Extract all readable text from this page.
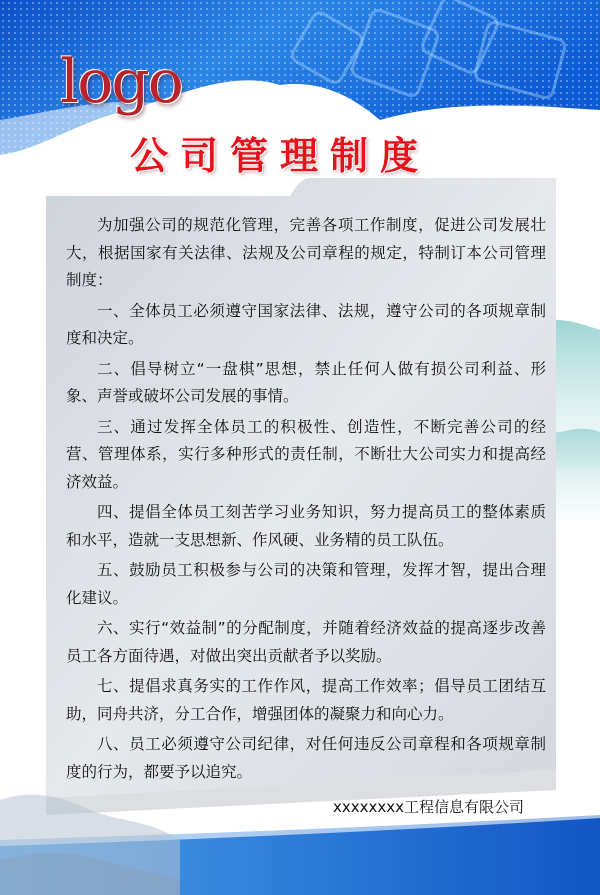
logo
公司管理制度

为加强公司的规范化管理，完善各项工作制度，促进公司发展壮大，根据国家有关法律、法规及公司章程的规定，特制订本公司管理制度：

一、全体员工必须遵守国家法律、法规，遵守公司的各项规章制度和决定。

二、倡导树立“一盘棋”思想，禁止任何人做有损公司利益、形象、声誉或破坏公司发展的事情。

三、通过发挥全体员工的积极性、创造性，不断完善公司的经营、管理体系，实行多种形式的责任制，不断壮大公司实力和提高经济效益。

四、提倡全体员工刻苦学习业务知识，努力提高员工的整体素质和水平，造就一支思想新、作风硬、业务精的员工队伍。

五、鼓励员工积极参与公司的决策和管理，发挥才智，提出合理化建议。

六、实行“效益制”的分配制度，并随着经济效益的提高逐步改善员工各方面待遇，对做出突出贡献者予以奖励。

七、提倡求真务实的工作作风，提高工作效率；倡导员工团结互助，同舟共济，分工合作，增强团体的凝聚力和向心力。

八、员工必须遵守公司纪律，对任何违反公司章程和各项规章制度的行为，都要予以追究。

xxxxxxxx工程信息有限公司
